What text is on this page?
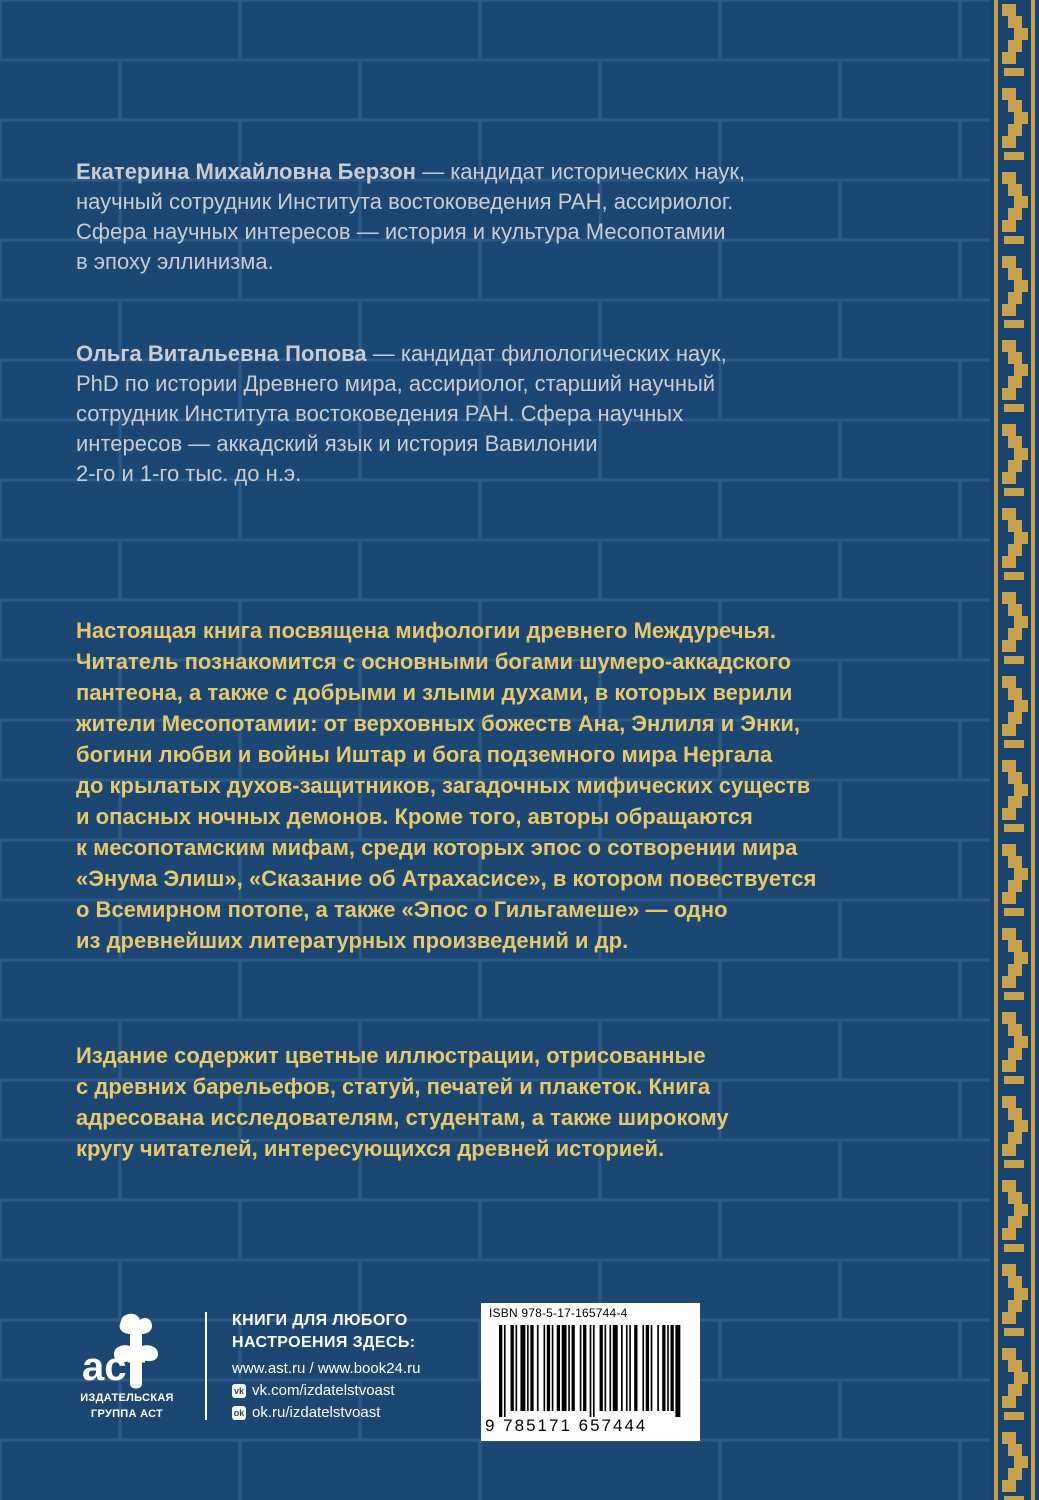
Екатерина Михайловна Берзон — кандидат исторических наук,
научный сотрудник Института востоковедения РАН, ассириолог.
Сфера научных интересов — история и культура Месопотамии
в эпоху эллинизма.
Ольга Витальевна Попова — кандидат филологических наук,
PhD по истории Древнего мира, ассириолог, старший научный
сотрудник Института востоковедения РАН. Сфера научных
интересов — аккадский язык и история Вавилонии
2-го и 1-го тыс. до н.э.
Настоящая книга посвящена мифологии древнего Междуречья.
Читатель познакомится с основными богами шумеро-аккадского
пантеона, а также с добрыми и злыми духами, в которых верили
жители Месопотамии: от верховных божеств Ана, Энлиля и Энки,
богини любви и войны Иштар и бога подземного мира Нергала
до крылатых духов-защитников, загадочных мифических существ
и опасных ночных демонов. Кроме того, авторы обращаются
к месопотамским мифам, среди которых эпос о сотворении мира
«Энума Элиш», «Сказание об Атрахасисе», в котором повествуется
о Всемирном потопе, а также «Эпос о Гильгамеше» — одно
из древнейших литературных произведений и др.
Издание содержит цветные иллюстрации, отрисованные
с древних барельефов, статуй, печатей и плакеток. Книга
адресована исследователям, студентам, а также широкому
кругу читателей, интересующихся древней историей.
аст
ИЗДАТЕЛЬСКАЯ
ГРУППА АСТ
КНИГИ ДЛЯ ЛЮБОГО
НАСТРОЕНИЯ ЗДЕСЬ:
www.ast.ru / www.book24.ru
vk vk.com/izdatelstvoast
ok ok.ru/izdatelstvoast
ISBN 978-5-17-165744-4
9 785171 657444
